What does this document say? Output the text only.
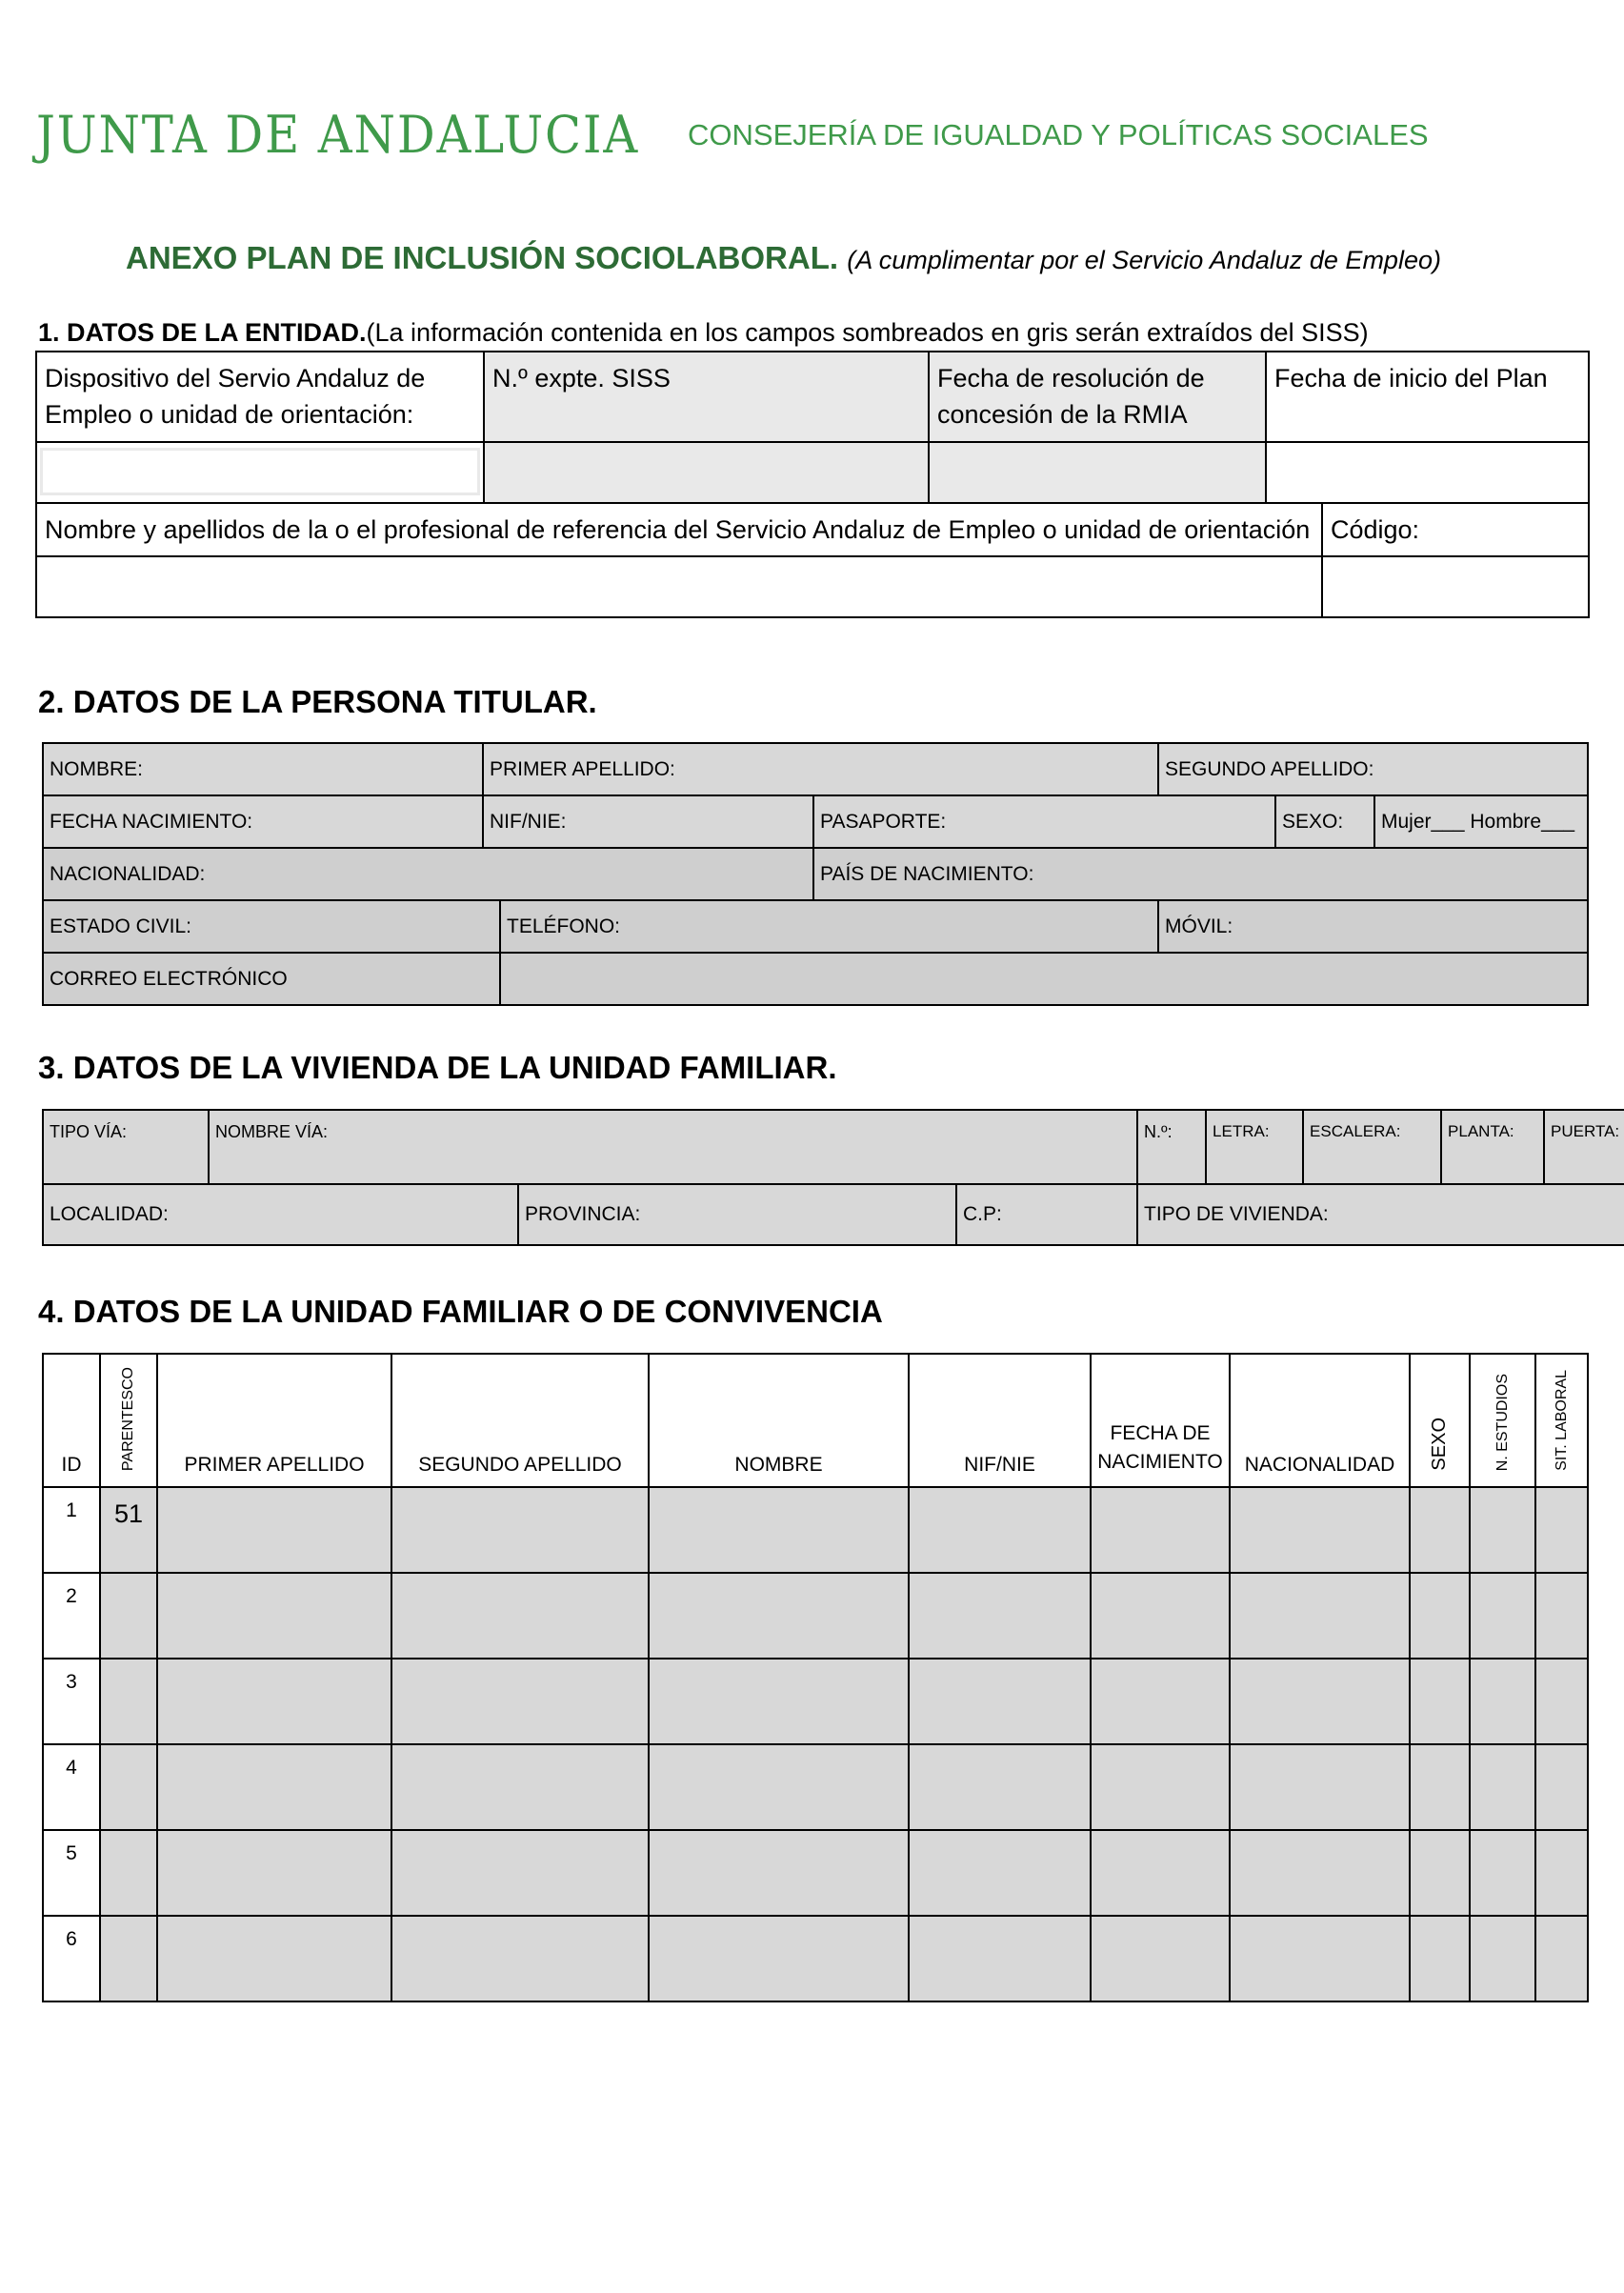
JUNTA DE ANDALUCIA CONSEJERÍA DE IGUALDAD Y POLÍTICAS SOCIALES
ANEXO PLAN DE INCLUSIÓN SOCIOLABORAL. (A cumplimentar por el Servicio Andaluz de Empleo)
1. DATOS DE LA ENTIDAD.(La información contenida en los campos sombreados en gris serán extraídos del SISS)
Dispositivo del Servio Andaluz de Empleo o unidad de orientación:	N.º expte. SISS	Fecha de resolución de concesión de la RMIA	Fecha de inicio del Plan	

Nombre y apellidos de la o el profesional de referencia del Servicio Andaluz de Empleo o unidad de orientación				Código:

2. DATOS DE LA PERSONA TITULAR.
NOMBRE:	PRIMER APELLIDO:			SEGUNDO APELLIDO:		
FECHA NACIMIENTO:	NIF/NIE:		PASAPORTE:		SEXO:	Mujer___ Hombre___
NACIONALIDAD:			PAÍS DE NACIMIENTO:			
ESTADO CIVIL:		TELÉFONO:		MÓVIL:		
CORREO ELECTRÓNICO						
3. DATOS DE LA VIVIENDA DE LA UNIDAD FAMILIAR.
TIPO VÍA:	NOMBRE VÍA:			N.º:	LETRA:	ESCALERA:	PLANTA:	PUERTA:
LOCALIDAD:		PROVINCIA:	C.P:	TIPO DE VIVIENDA:				
4. DATOS DE LA UNIDAD FAMILIAR O DE CONVIVENCIA
ID	PARENTESCO	PRIMER APELLIDO	SEGUNDO APELLIDO	NOMBRE	NIF/NIE	FECHA DE NACIMIENTO	NACIONALIDAD	SEXO	N. ESTUDIOS	SIT. LABORAL
1	51									
2										
3										
4										
5										
6										
